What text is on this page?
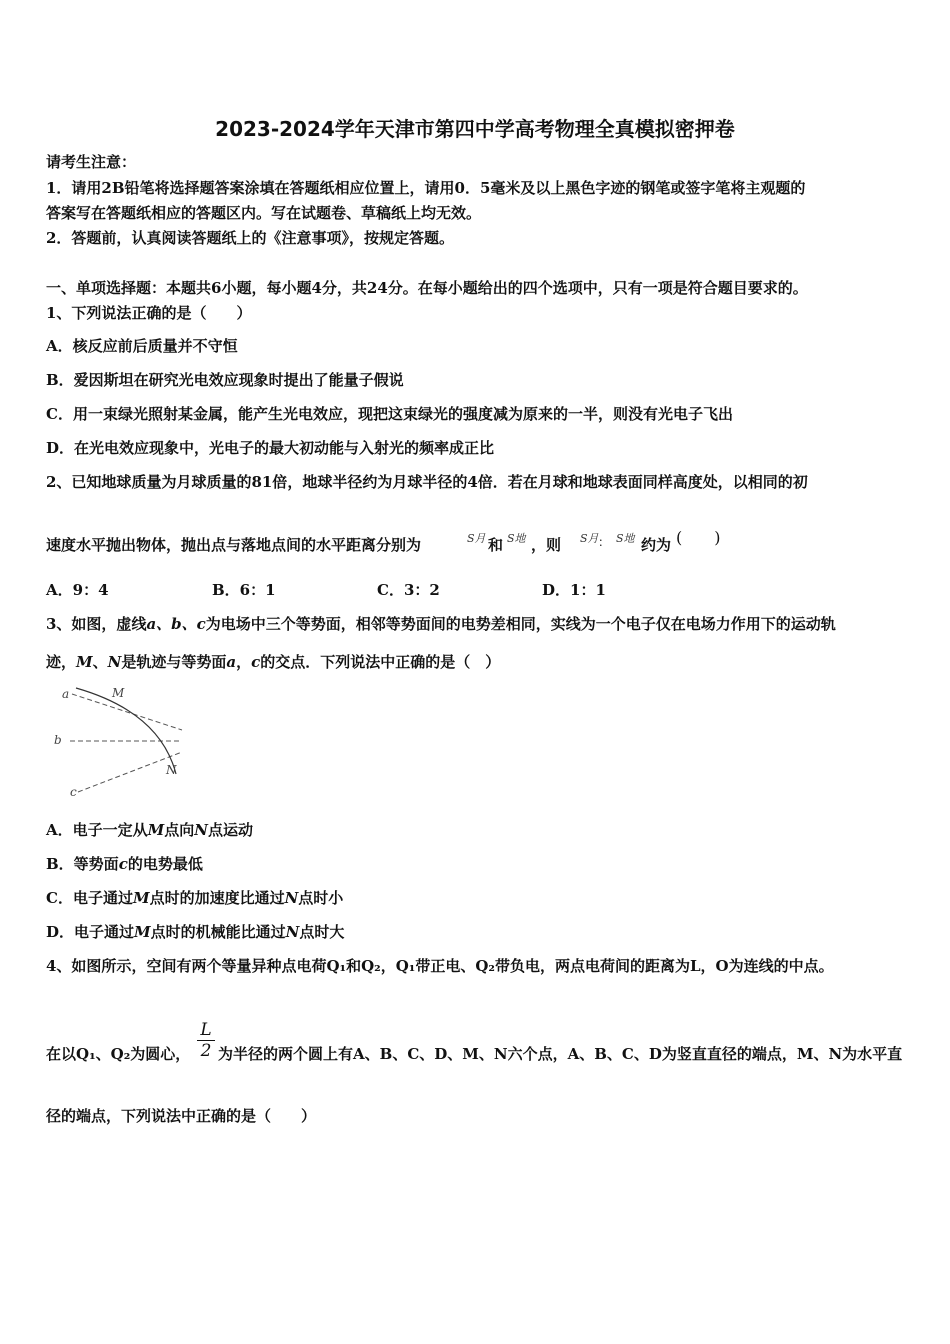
2023-2024学年天津市第四中学高考物理全真模拟密押卷
请考生注意：
1．请用2B铅笔将选择题答案涂填在答题纸相应位置上，请用0．5毫米及以上黑色字迹的钢笔或签字笔将主观题的
答案写在答题纸相应的答题区内。写在试题卷、草稿纸上均无效。
2．答题前，认真阅读答题纸上的《注意事项》，按规定答题。
一、单项选择题：本题共6小题，每小题4分，共24分。在每小题给出的四个选项中，只有一项是符合题目要求的。
1、下列说法正确的是（　　）
A．核反应前后质量并不守恒
B．爱因斯坦在研究光电效应现象时提出了能量子假说
C．用一束绿光照射某金属，能产生光电效应，现把这束绿光的强度减为原来的一半，则没有光电子飞出
D．在光电效应现象中，光电子的最大初动能与入射光的频率成正比
2、已知地球质量为月球质量的81倍，地球半径约为月球半径的4倍．若在月球和地球表面同样高度处，以相同的初
速度水平抛出物体，抛出点与落地点间的水平距离分别为	S月 和 S地 ，则 S月 ： S地 约为 (　　)
A．9：4	B．6：1	C．3：2	D．1：1
3、如图，虚线a、b、c为电场中三个等势面，相邻等势面间的电势差相同，实线为一个电子仅在电场力作用下的运动轨
迹，M、N是轨迹与等势面a，c的交点．下列说法中正确的是（　）
a
b
c
M
N
A．电子一定从M点向N点运动
B．等势面c的电势最低
C．电子通过M点时的加速度比通过N点时小
D．电子通过M点时的机械能比通过N点时大
4、如图所示，空间有两个等量异种点电荷Q₁和Q₂，Q₁带正电、Q₂带负电，两点电荷间的距离为L，O为连线的中点。
在以Q₁、Q₂为圆心， $\frac{L}{2}$ 为半径的两个圆上有A、B、C、D、M、N六个点，A、B、C、D为竖直直径的端点，M、N为水平直
径的端点，下列说法中正确的是（　　）
